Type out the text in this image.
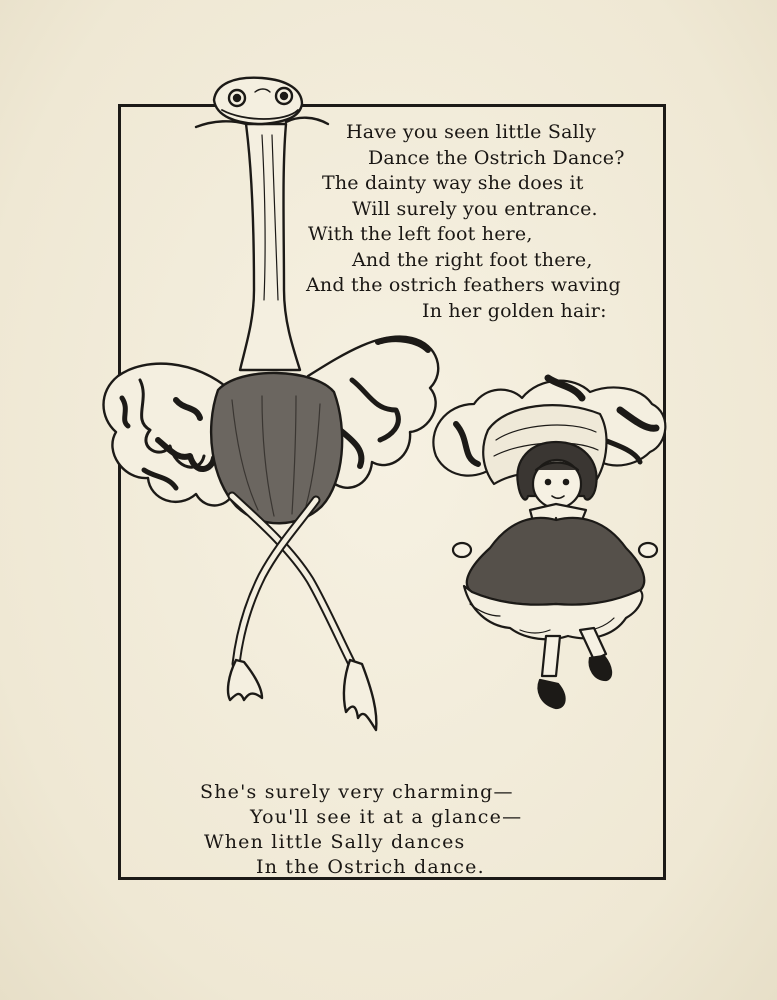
Have you seen little Sally
Dance the Ostrich Dance?
The dainty way she does it
Will surely you entrance.
With the left foot here,
And the right foot there,
And the ostrich feathers waving
In her golden hair:
She's surely very charming—
You'll see it at a glance—
When little Sally dances
In the Ostrich dance.
